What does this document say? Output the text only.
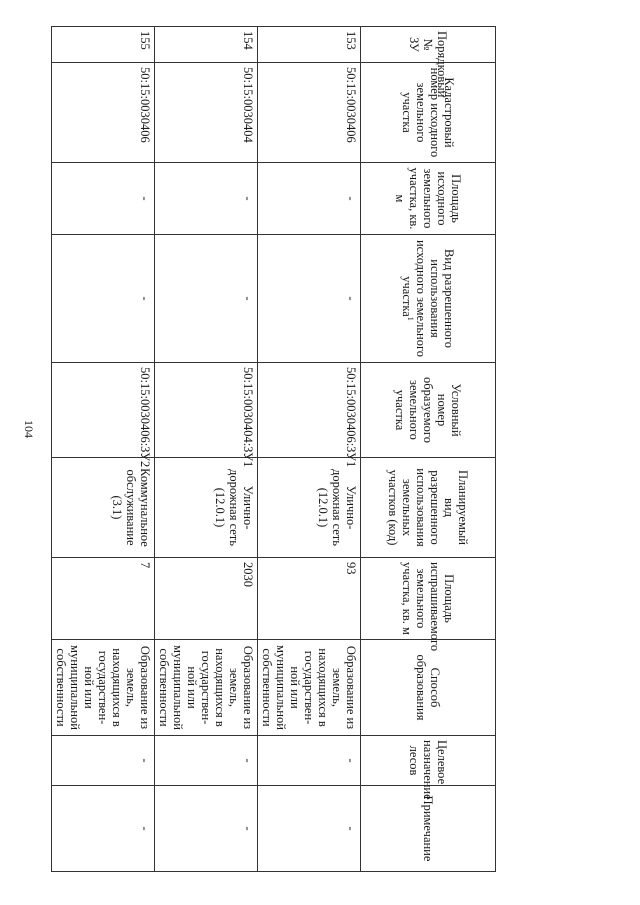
104
Порядковый № ЗУ	Кадастровый номер исходного земельного участка	Площадь исходного земельного участка, кв. м	Вид разрешенного использования исходного земельного участка$^1$	Условный номер образуемого земельного участка	Планируемый вид разрешенного использования земельных участков (код)	Площадь испрашиваемого земельного участка, кв. м	Способ образования	Целевое назначение лесов	Примечание
153	50:15:0030406	-	-	50:15:0030406:ЗУ1	Улично-дорожная сеть (12.0.1)	93	Образование из земель, находящихся в государствен-ной или муниципальной собственности	-	-
154	50:15:0030404	-	-	50:15:0030404:ЗУ1	Улично-дорожная сеть (12.0.1)	2030	Образование из земель, находящихся в государствен-ной или муниципальной собственности	-	-
155	50:15:0030406	-	-	50:15:0030406:ЗУ2	Коммунальное обслуживание (3.1)	7	Образование из земель, находящихся в государствен-ной или муниципальной собственности	-	-
